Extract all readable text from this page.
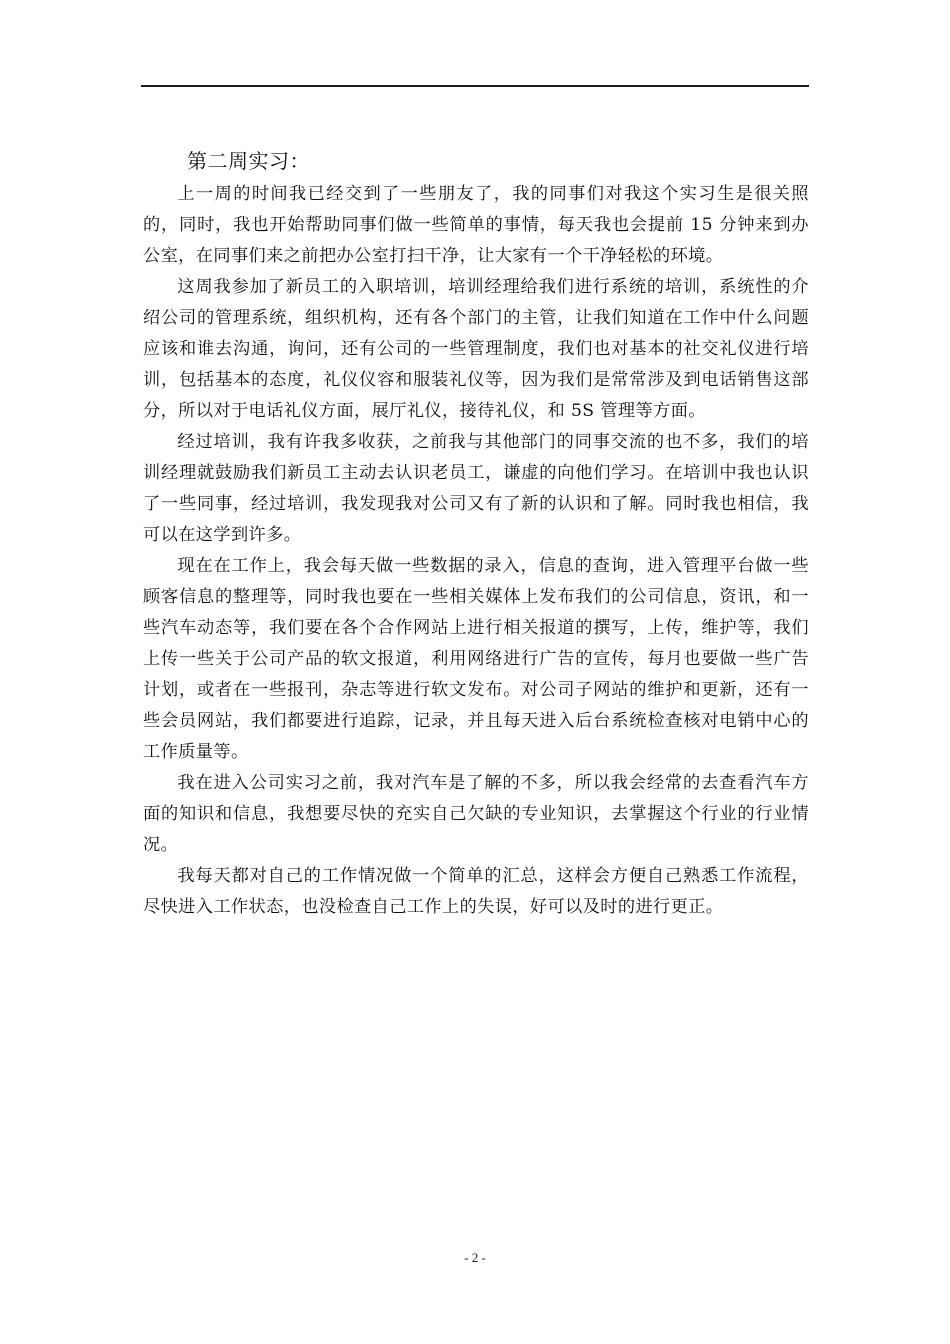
第二周实习：

上一周的时间我已经交到了一些朋友了，我的同事们对我这个实习生是很关照的，同时，我也开始帮助同事们做一些简单的事情，每天我也会提前 15 分钟来到办公室，在同事们来之前把办公室打扫干净，让大家有一个干净轻松的环境。

这周我参加了新员工的入职培训，培训经理给我们进行系统的培训，系统性的介绍公司的管理系统，组织机构，还有各个部门的主管，让我们知道在工作中什么问题应该和谁去沟通，询问，还有公司的一些管理制度，我们也对基本的社交礼仪进行培训，包括基本的态度，礼仪仪容和服装礼仪等，因为我们是常常涉及到电话销售这部分，所以对于电话礼仪方面，展厅礼仪，接待礼仪，和 5S 管理等方面。

经过培训，我有许我多收获，之前我与其他部门的同事交流的也不多，我们的培训经理就鼓励我们新员工主动去认识老员工，谦虚的向他们学习。在培训中我也认识了一些同事，经过培训，我发现我对公司又有了新的认识和了解。同时我也相信，我可以在这学到许多。

现在在工作上，我会每天做一些数据的录入，信息的查询，进入管理平台做一些顾客信息的整理等，同时我也要在一些相关媒体上发布我们的公司信息，资讯，和一些汽车动态等，我们要在各个合作网站上进行相关报道的撰写，上传，维护等，我们上传一些关于公司产品的软文报道，利用网络进行广告的宣传，每月也要做一些广告计划，或者在一些报刊，杂志等进行软文发布。对公司子网站的维护和更新，还有一些会员网站，我们都要进行追踪，记录，并且每天进入后台系统检查核对电销中心的工作质量等。

我在进入公司实习之前，我对汽车是了解的不多，所以我会经常的去查看汽车方面的知识和信息，我想要尽快的充实自己欠缺的专业知识，去掌握这个行业的行业情况。

我每天都对自己的工作情况做一个简单的汇总，这样会方便自己熟悉工作流程，尽快进入工作状态，也没检查自己工作上的失误，好可以及时的进行更正。

- 2 -
